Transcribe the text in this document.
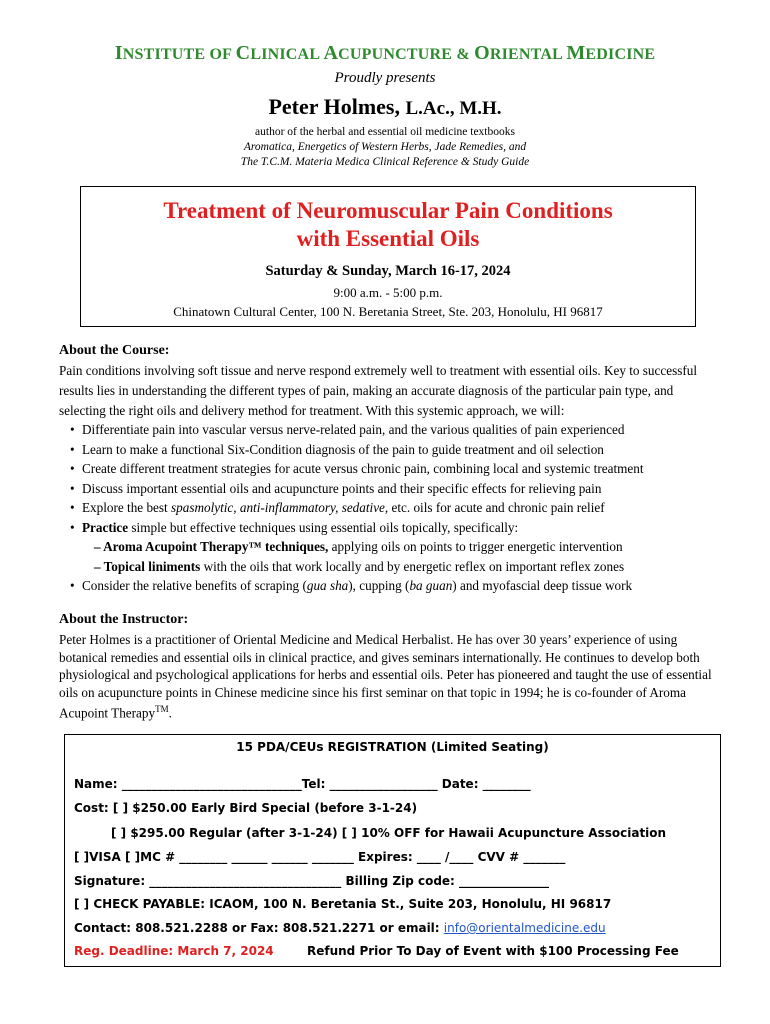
INSTITUTE OF CLINICAL ACUPUNCTURE & ORIENTAL MEDICINE
Proudly presents
Peter Holmes, L.Ac., M.H.
author of the herbal and essential oil medicine textbooks
Aromatica, Energetics of Western Herbs, Jade Remedies, and
The T.C.M. Materia Medica Clinical Reference & Study Guide
Treatment of Neuromuscular Pain Conditions
with Essential Oils
Saturday & Sunday, March 16-17, 2024
9:00 a.m. - 5:00 p.m.
Chinatown Cultural Center, 100 N. Beretania Street, Ste. 203, Honolulu, HI 96817
About the Course:
Pain conditions involving soft tissue and nerve respond extremely well to treatment with essential oils. Key to successful results lies in understanding the different types of pain, making an accurate diagnosis of the particular pain type, and selecting the right oils and delivery method for treatment. With this systemic approach, we will:
• Differentiate pain into vascular versus nerve-related pain, and the various qualities of pain experienced
• Learn to make a functional Six-Condition diagnosis of the pain to guide treatment and oil selection
• Create different treatment strategies for acute versus chronic pain, combining local and systemic treatment
• Discuss important essential oils and acupuncture points and their specific effects for relieving pain
• Explore the best spasmolytic, anti-inflammatory, sedative, etc. oils for acute and chronic pain relief
• Practice simple but effective techniques using essential oils topically, specifically:
– Aroma Acupoint Therapy™ techniques, applying oils on points to trigger energetic intervention
– Topical liniments with the oils that work locally and by energetic reflex on important reflex zones
• Consider the relative benefits of scraping (gua sha), cupping (ba guan) and myofascial deep tissue work
About the Instructor:
Peter Holmes is a practitioner of Oriental Medicine and Medical Herbalist. He has over 30 years’ experience of using botanical remedies and essential oils in clinical practice, and gives seminars internationally. He continues to develop both physiological and psychological applications for herbs and essential oils. Peter has pioneered and taught the use of essential oils on acupuncture points in Chinese medicine since his first seminar on that topic in 1994; he is co-founder of Aroma Acupoint Therapy™.
15 PDA/CEUs REGISTRATION (Limited Seating)
Name: ______________________________Tel: __________________ Date: ________
Cost: [ ] $250.00 Early Bird Special (before 3-1-24)
[ ] $295.00 Regular (after 3-1-24) [ ] 10% OFF for Hawaii Acupuncture Association
[ ]VISA [ ]MC # ________ ______ ______ _______ Expires: ____ /____ CVV # _______
Signature: ________________________________ Billing Zip code: _______________
[ ] CHECK PAYABLE: ICAOM, 100 N. Beretania St., Suite 203, Honolulu, HI 96817
Contact: 808.521.2288 or Fax: 808.521.2271 or email: info@orientalmedicine.edu
Reg. Deadline: March 7, 2024	Refund Prior To Day of Event with $100 Processing Fee
